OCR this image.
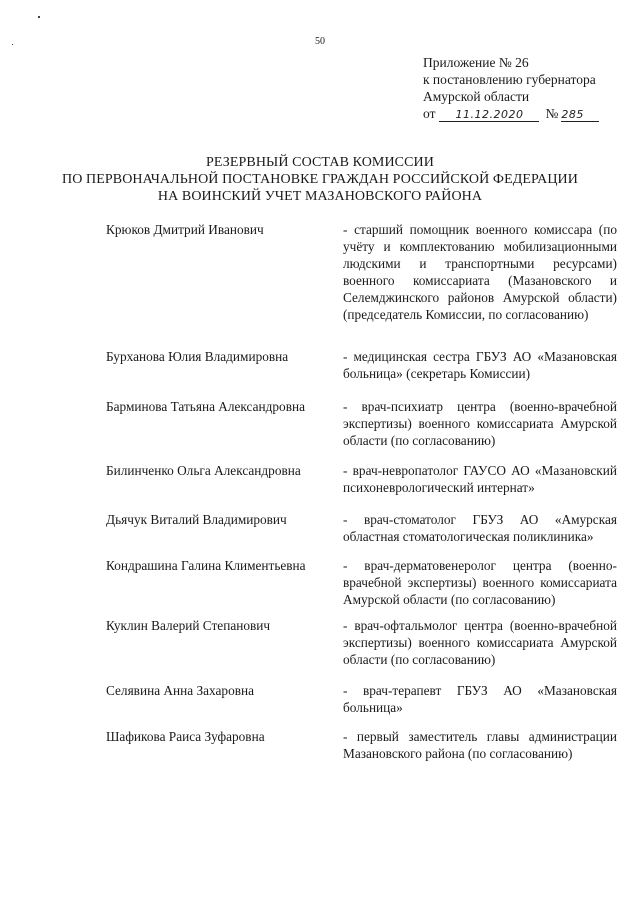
50
Приложение № 26
к постановлению губернатора
Амурской области
от	11.12.2020	№ 285
РЕЗЕРВНЫЙ СОСТАВ КОМИССИИ
ПО ПЕРВОНАЧАЛЬНОЙ ПОСТАНОВКЕ ГРАЖДАН РОССИЙСКОЙ ФЕДЕРАЦИИ
НА ВОИНСКИЙ УЧЕТ МАЗАНОВСКОГО РАЙОНА
Крюков Дмитрий Иванович	- старший помощник военного комиссара (по учёту и комплектованию мобилизационными людскими и транспортными ресурсами) военного комиссариата (Мазановского и Селемджинского районов Амурской области) (председатель Комиссии, по согласованию)
Бурханова Юлия Владимировна	- медицинская сестра ГБУЗ АО «Мазановская больница» (секретарь Комиссии)
Барминова Татьяна Александровна	- врач-психиатр центра (военно-врачебной экспертизы) военного комиссариата Амурской области (по согласованию)
Билинченко Ольга Александровна	- врач-невропатолог ГАУСО АО «Мазановский психоневрологический интернат»
Дьячук Виталий Владимирович	- врач-стоматолог ГБУЗ АО «Амурская областная стоматологическая поликлиника»
Кондрашина Галина Климентьевна	- врач-дерматовенеролог центра (военно-врачебной экспертизы) военного комиссариата Амурской области (по согласованию)
Куклин Валерий Степанович	- врач-офтальмолог центра (военно-врачебной экспертизы) военного комиссариата Амурской области (по согласованию)
Селявина Анна Захаровна	- врач-терапевт ГБУЗ АО «Мазановская больница»
Шафикова Раиса Зуфаровна	- первый заместитель главы администрации Мазановского района (по согласованию)
